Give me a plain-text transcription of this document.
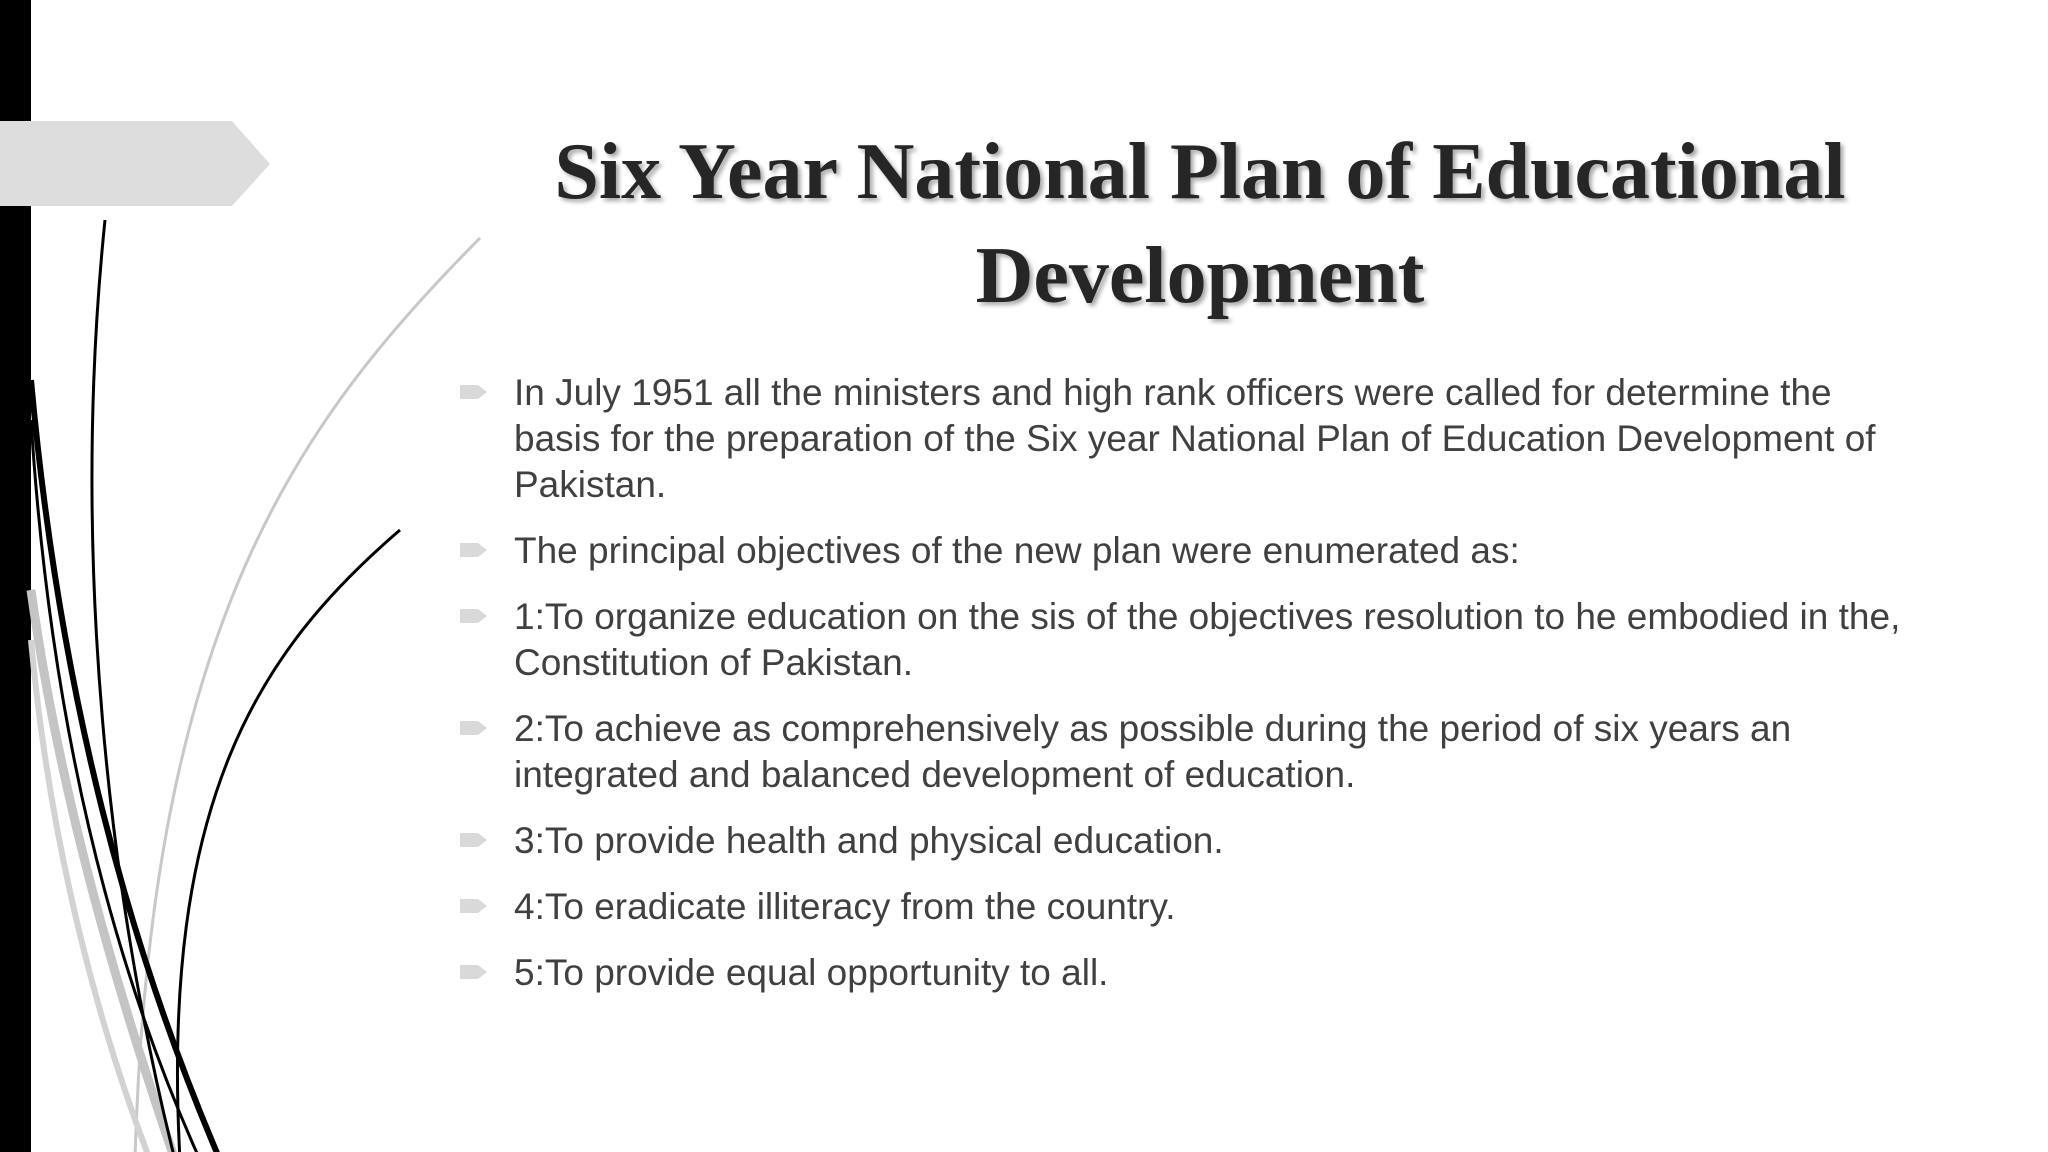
Six Year National Plan of Educational Development
In July 1951 all the ministers and high rank officers were called for determine the basis for the preparation of the Six year National Plan of Education Development of Pakistan.
The principal objectives of the new plan were enumerated as:
1:To organize education on the sis of the objectives resolution to he embodied in the, Constitution of Pakistan.
2:To achieve as comprehensively as possible during the period of six years an integrated and balanced development of education.
3:To provide health and physical education.
4:To eradicate illiteracy from the country.
5:To provide equal opportunity to all.
